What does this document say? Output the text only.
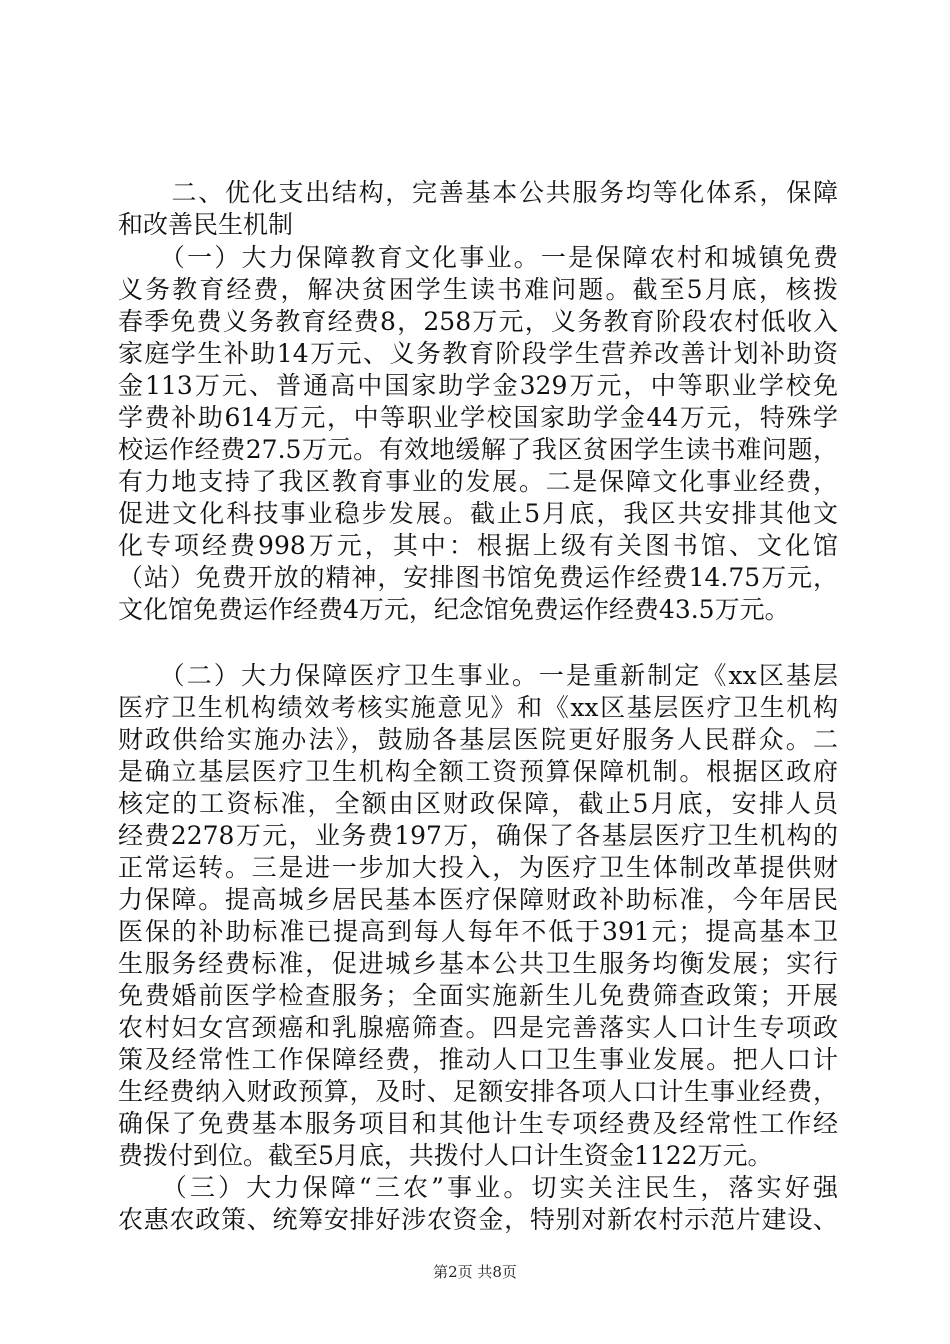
　　二、优化支出结构，完善基本公共服务均等化体系，保障
和改善民生机制
　　（一）大力保障教育文化事业。一是保障农村和城镇免费
义务教育经费，解决贫困学生读书难问题。截至5月底，核拨
春季免费义务教育经费8，258万元，义务教育阶段农村低收入
家庭学生补助14万元、义务教育阶段学生营养改善计划补助资
金113万元、普通高中国家助学金329万元，中等职业学校免
学费补助614万元，中等职业学校国家助学金44万元，特殊学
校运作经费27.5万元。有效地缓解了我区贫困学生读书难问题，
有力地支持了我区教育事业的发展。二是保障文化事业经费，
促进文化科技事业稳步发展。截止5月底，我区共安排其他文
化专项经费998万元，其中：根据上级有关图书馆、文化馆
（站）免费开放的精神，安排图书馆免费运作经费14.75万元，
文化馆免费运作经费4万元，纪念馆免费运作经费43.5万元。
　　（二）大力保障医疗卫生事业。一是重新制定《xx区基层
医疗卫生机构绩效考核实施意见》和《xx区基层医疗卫生机构
财政供给实施办法》，鼓励各基层医院更好服务人民群众。二
是确立基层医疗卫生机构全额工资预算保障机制。根据区政府
核定的工资标准，全额由区财政保障，截止5月底，安排人员
经费2278万元，业务费197万，确保了各基层医疗卫生机构的
正常运转。三是进一步加大投入，为医疗卫生体制改革提供财
力保障。提高城乡居民基本医疗保障财政补助标准，今年居民
医保的补助标准已提高到每人每年不低于391元；提高基本卫
生服务经费标准，促进城乡基本公共卫生服务均衡发展；实行
免费婚前医学检查服务；全面实施新生儿免费筛查政策；开展
农村妇女宫颈癌和乳腺癌筛查。四是完善落实人口计生专项政
策及经常性工作保障经费，推动人口卫生事业发展。把人口计
生经费纳入财政预算，及时、足额安排各项人口计生事业经费，
确保了免费基本服务项目和其他计生专项经费及经常性工作经
费拨付到位。截至5月底，共拨付人口计生资金1122万元。
　　（三）大力保障“三农”事业。切实关注民生，落实好强
农惠农政策、统筹安排好涉农资金，特别对新农村示范片建设、
第2页 共8页
